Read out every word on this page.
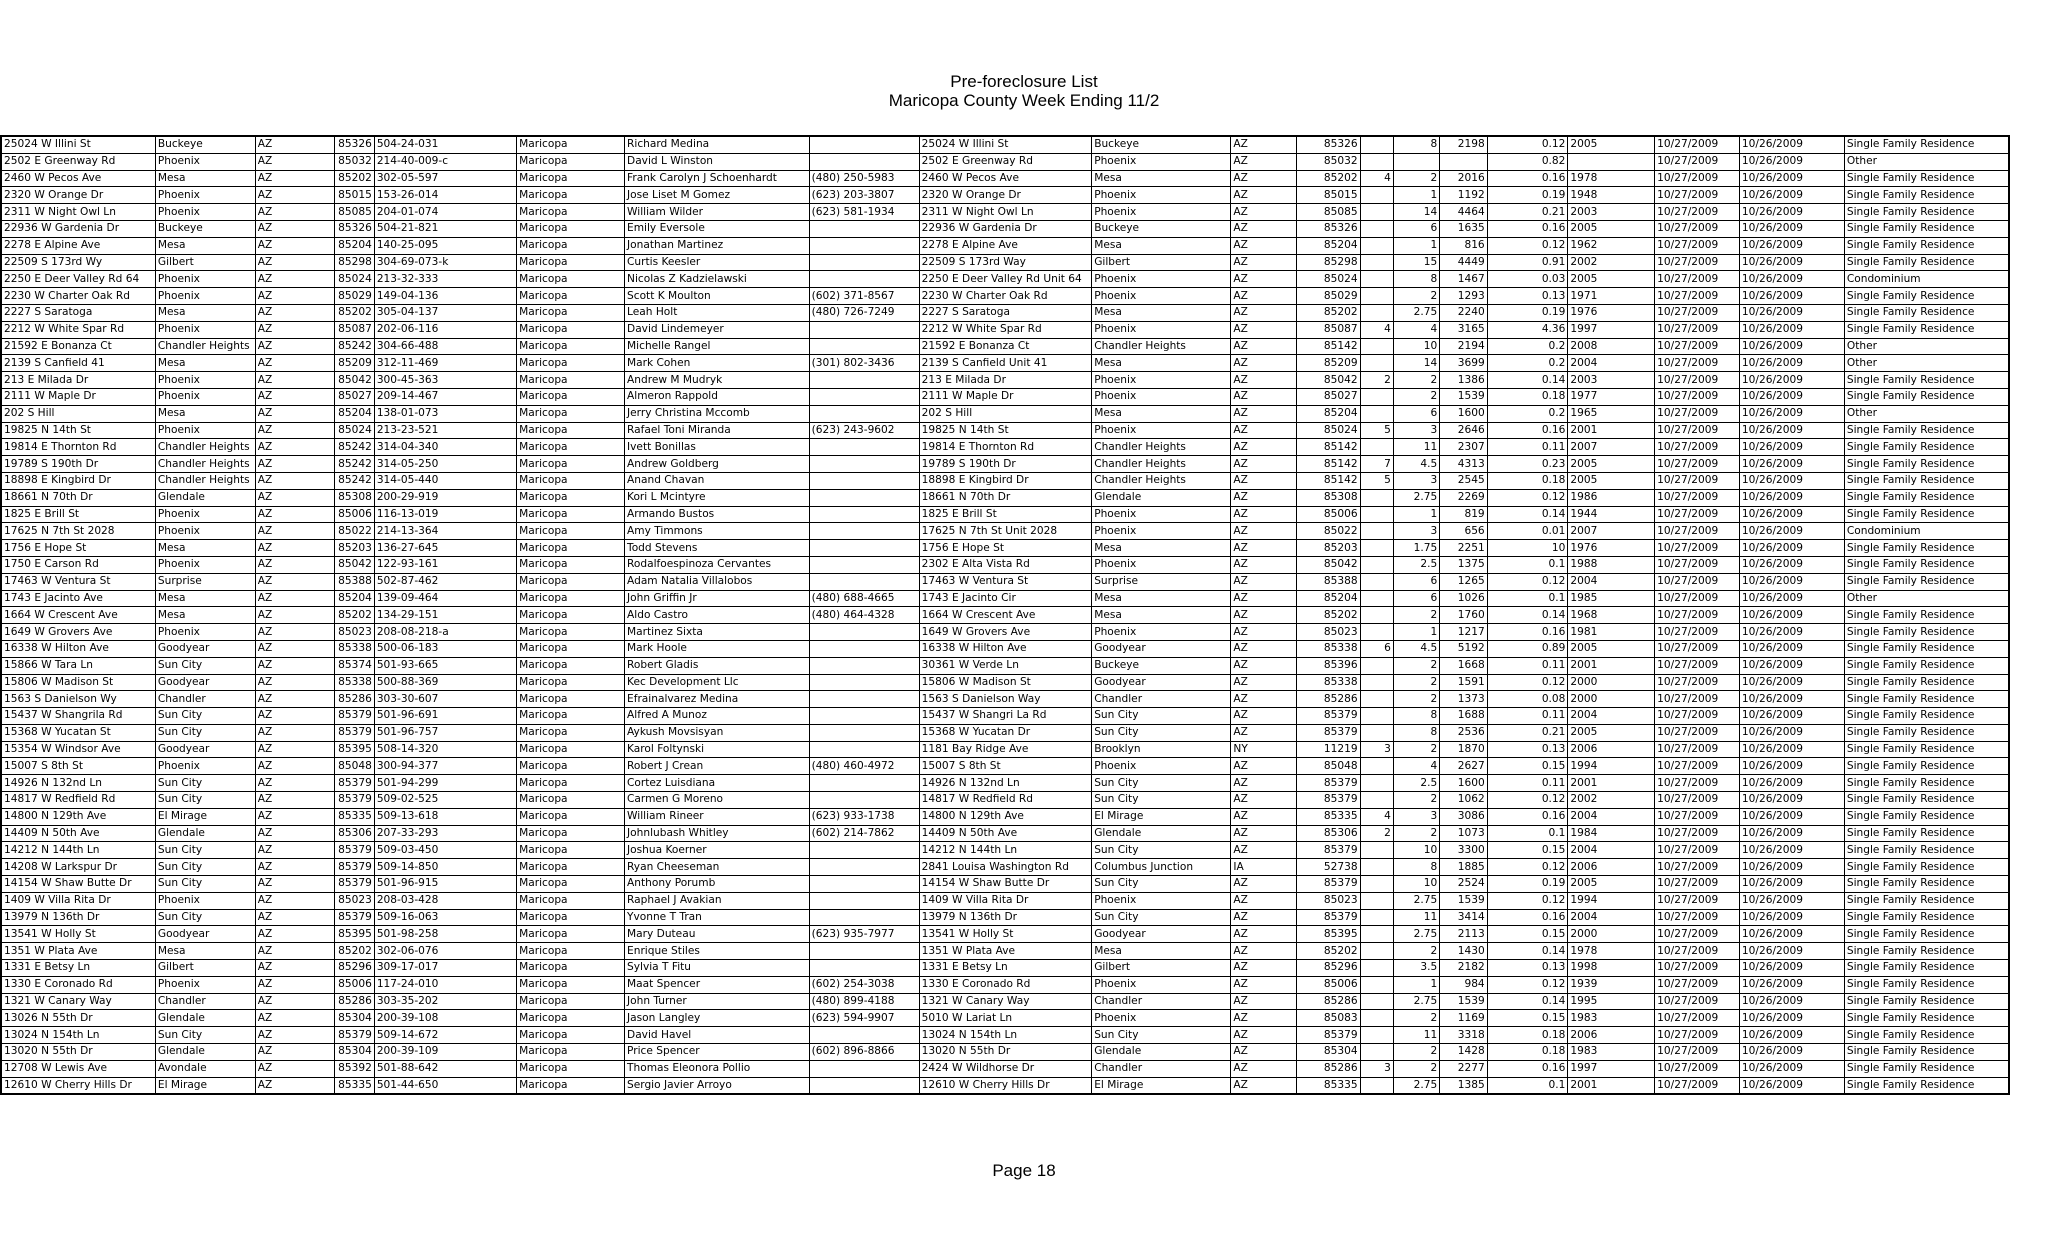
Pre-foreclosure List
Maricopa County Week Ending 11/2
25024 W Illini St	Buckeye	AZ	85326	504-24-031	Maricopa	Richard Medina		25024 W Illini St	Buckeye	AZ	85326		8	2198	0.12	2005	10/27/2009	10/26/2009	Single Family Residence
2502 E Greenway Rd	Phoenix	AZ	85032	214-40-009-c	Maricopa	David L Winston		2502 E Greenway Rd	Phoenix	AZ	85032				0.82		10/27/2009	10/26/2009	Other
2460 W Pecos Ave	Mesa	AZ	85202	302-05-597	Maricopa	Frank Carolyn J Schoenhardt	(480) 250-5983	2460 W Pecos Ave	Mesa	AZ	85202	4	2	2016	0.16	1978	10/27/2009	10/26/2009	Single Family Residence
2320 W Orange Dr	Phoenix	AZ	85015	153-26-014	Maricopa	Jose Liset M Gomez	(623) 203-3807	2320 W Orange Dr	Phoenix	AZ	85015		1	1192	0.19	1948	10/27/2009	10/26/2009	Single Family Residence
2311 W Night Owl Ln	Phoenix	AZ	85085	204-01-074	Maricopa	William Wilder	(623) 581-1934	2311 W Night Owl Ln	Phoenix	AZ	85085		14	4464	0.21	2003	10/27/2009	10/26/2009	Single Family Residence
22936 W Gardenia Dr	Buckeye	AZ	85326	504-21-821	Maricopa	Emily Eversole		22936 W Gardenia Dr	Buckeye	AZ	85326		6	1635	0.16	2005	10/27/2009	10/26/2009	Single Family Residence
2278 E Alpine Ave	Mesa	AZ	85204	140-25-095	Maricopa	Jonathan Martinez		2278 E Alpine Ave	Mesa	AZ	85204		1	816	0.12	1962	10/27/2009	10/26/2009	Single Family Residence
22509 S 173rd Wy	Gilbert	AZ	85298	304-69-073-k	Maricopa	Curtis Keesler		22509 S 173rd Way	Gilbert	AZ	85298		15	4449	0.91	2002	10/27/2009	10/26/2009	Single Family Residence
2250 E Deer Valley Rd 64	Phoenix	AZ	85024	213-32-333	Maricopa	Nicolas Z Kadzielawski		2250 E Deer Valley Rd Unit 64	Phoenix	AZ	85024		8	1467	0.03	2005	10/27/2009	10/26/2009	Condominium
2230 W Charter Oak Rd	Phoenix	AZ	85029	149-04-136	Maricopa	Scott K Moulton	(602) 371-8567	2230 W Charter Oak Rd	Phoenix	AZ	85029		2	1293	0.13	1971	10/27/2009	10/26/2009	Single Family Residence
2227 S Saratoga	Mesa	AZ	85202	305-04-137	Maricopa	Leah Holt	(480) 726-7249	2227 S Saratoga	Mesa	AZ	85202		2.75	2240	0.19	1976	10/27/2009	10/26/2009	Single Family Residence
2212 W White Spar Rd	Phoenix	AZ	85087	202-06-116	Maricopa	David Lindemeyer		2212 W White Spar Rd	Phoenix	AZ	85087	4	4	3165	4.36	1997	10/27/2009	10/26/2009	Single Family Residence
21592 E Bonanza Ct	Chandler Heights	AZ	85242	304-66-488	Maricopa	Michelle Rangel		21592 E Bonanza Ct	Chandler Heights	AZ	85142		10	2194	0.2	2008	10/27/2009	10/26/2009	Other
2139 S Canfield 41	Mesa	AZ	85209	312-11-469	Maricopa	Mark Cohen	(301) 802-3436	2139 S Canfield Unit 41	Mesa	AZ	85209		14	3699	0.2	2004	10/27/2009	10/26/2009	Other
213 E Milada Dr	Phoenix	AZ	85042	300-45-363	Maricopa	Andrew M Mudryk		213 E Milada Dr	Phoenix	AZ	85042	2	2	1386	0.14	2003	10/27/2009	10/26/2009	Single Family Residence
2111 W Maple Dr	Phoenix	AZ	85027	209-14-467	Maricopa	Almeron Rappold		2111 W Maple Dr	Phoenix	AZ	85027		2	1539	0.18	1977	10/27/2009	10/26/2009	Single Family Residence
202 S Hill	Mesa	AZ	85204	138-01-073	Maricopa	Jerry Christina Mccomb		202 S Hill	Mesa	AZ	85204		6	1600	0.2	1965	10/27/2009	10/26/2009	Other
19825 N 14th St	Phoenix	AZ	85024	213-23-521	Maricopa	Rafael Toni Miranda	(623) 243-9602	19825 N 14th St	Phoenix	AZ	85024	5	3	2646	0.16	2001	10/27/2009	10/26/2009	Single Family Residence
19814 E Thornton Rd	Chandler Heights	AZ	85242	314-04-340	Maricopa	Ivett Bonillas		19814 E Thornton Rd	Chandler Heights	AZ	85142		11	2307	0.11	2007	10/27/2009	10/26/2009	Single Family Residence
19789 S 190th Dr	Chandler Heights	AZ	85242	314-05-250	Maricopa	Andrew Goldberg		19789 S 190th Dr	Chandler Heights	AZ	85142	7	4.5	4313	0.23	2005	10/27/2009	10/26/2009	Single Family Residence
18898 E Kingbird Dr	Chandler Heights	AZ	85242	314-05-440	Maricopa	Anand Chavan		18898 E Kingbird Dr	Chandler Heights	AZ	85142	5	3	2545	0.18	2005	10/27/2009	10/26/2009	Single Family Residence
18661 N 70th Dr	Glendale	AZ	85308	200-29-919	Maricopa	Kori L Mcintyre		18661 N 70th Dr	Glendale	AZ	85308		2.75	2269	0.12	1986	10/27/2009	10/26/2009	Single Family Residence
1825 E Brill St	Phoenix	AZ	85006	116-13-019	Maricopa	Armando Bustos		1825 E Brill St	Phoenix	AZ	85006		1	819	0.14	1944	10/27/2009	10/26/2009	Single Family Residence
17625 N 7th St 2028	Phoenix	AZ	85022	214-13-364	Maricopa	Amy Timmons		17625 N 7th St Unit 2028	Phoenix	AZ	85022		3	656	0.01	2007	10/27/2009	10/26/2009	Condominium
1756 E Hope St	Mesa	AZ	85203	136-27-645	Maricopa	Todd Stevens		1756 E Hope St	Mesa	AZ	85203		1.75	2251	10	1976	10/27/2009	10/26/2009	Single Family Residence
1750 E Carson Rd	Phoenix	AZ	85042	122-93-161	Maricopa	Rodalfoespinoza Cervantes		2302 E Alta Vista Rd	Phoenix	AZ	85042		2.5	1375	0.1	1988	10/27/2009	10/26/2009	Single Family Residence
17463 W Ventura St	Surprise	AZ	85388	502-87-462	Maricopa	Adam Natalia Villalobos		17463 W Ventura St	Surprise	AZ	85388		6	1265	0.12	2004	10/27/2009	10/26/2009	Single Family Residence
1743 E Jacinto Ave	Mesa	AZ	85204	139-09-464	Maricopa	John Griffin Jr	(480) 688-4665	1743 E Jacinto Cir	Mesa	AZ	85204		6	1026	0.1	1985	10/27/2009	10/26/2009	Other
1664 W Crescent Ave	Mesa	AZ	85202	134-29-151	Maricopa	Aldo Castro	(480) 464-4328	1664 W Crescent Ave	Mesa	AZ	85202		2	1760	0.14	1968	10/27/2009	10/26/2009	Single Family Residence
1649 W Grovers Ave	Phoenix	AZ	85023	208-08-218-a	Maricopa	Martinez Sixta		1649 W Grovers Ave	Phoenix	AZ	85023		1	1217	0.16	1981	10/27/2009	10/26/2009	Single Family Residence
16338 W Hilton Ave	Goodyear	AZ	85338	500-06-183	Maricopa	Mark Hoole		16338 W Hilton Ave	Goodyear	AZ	85338	6	4.5	5192	0.89	2005	10/27/2009	10/26/2009	Single Family Residence
15866 W Tara Ln	Sun City	AZ	85374	501-93-665	Maricopa	Robert Gladis		30361 W Verde Ln	Buckeye	AZ	85396		2	1668	0.11	2001	10/27/2009	10/26/2009	Single Family Residence
15806 W Madison St	Goodyear	AZ	85338	500-88-369	Maricopa	Kec Development Llc		15806 W Madison St	Goodyear	AZ	85338		2	1591	0.12	2000	10/27/2009	10/26/2009	Single Family Residence
1563 S Danielson Wy	Chandler	AZ	85286	303-30-607	Maricopa	Efrainalvarez Medina		1563 S Danielson Way	Chandler	AZ	85286		2	1373	0.08	2000	10/27/2009	10/26/2009	Single Family Residence
15437 W Shangrila Rd	Sun City	AZ	85379	501-96-691	Maricopa	Alfred A Munoz		15437 W Shangri La Rd	Sun City	AZ	85379		8	1688	0.11	2004	10/27/2009	10/26/2009	Single Family Residence
15368 W Yucatan St	Sun City	AZ	85379	501-96-757	Maricopa	Aykush Movsisyan		15368 W Yucatan Dr	Sun City	AZ	85379		8	2536	0.21	2005	10/27/2009	10/26/2009	Single Family Residence
15354 W Windsor Ave	Goodyear	AZ	85395	508-14-320	Maricopa	Karol Foltynski		1181 Bay Ridge Ave	Brooklyn	NY	11219	3	2	1870	0.13	2006	10/27/2009	10/26/2009	Single Family Residence
15007 S 8th St	Phoenix	AZ	85048	300-94-377	Maricopa	Robert J Crean	(480) 460-4972	15007 S 8th St	Phoenix	AZ	85048		4	2627	0.15	1994	10/27/2009	10/26/2009	Single Family Residence
14926 N 132nd Ln	Sun City	AZ	85379	501-94-299	Maricopa	Cortez Luisdiana		14926 N 132nd Ln	Sun City	AZ	85379		2.5	1600	0.11	2001	10/27/2009	10/26/2009	Single Family Residence
14817 W Redfield Rd	Sun City	AZ	85379	509-02-525	Maricopa	Carmen G Moreno		14817 W Redfield Rd	Sun City	AZ	85379		2	1062	0.12	2002	10/27/2009	10/26/2009	Single Family Residence
14800 N 129th Ave	El Mirage	AZ	85335	509-13-618	Maricopa	William Rineer	(623) 933-1738	14800 N 129th Ave	El Mirage	AZ	85335	4	3	3086	0.16	2004	10/27/2009	10/26/2009	Single Family Residence
14409 N 50th Ave	Glendale	AZ	85306	207-33-293	Maricopa	Johnlubash Whitley	(602) 214-7862	14409 N 50th Ave	Glendale	AZ	85306	2	2	1073	0.1	1984	10/27/2009	10/26/2009	Single Family Residence
14212 N 144th Ln	Sun City	AZ	85379	509-03-450	Maricopa	Joshua Koerner		14212 N 144th Ln	Sun City	AZ	85379		10	3300	0.15	2004	10/27/2009	10/26/2009	Single Family Residence
14208 W Larkspur Dr	Sun City	AZ	85379	509-14-850	Maricopa	Ryan Cheeseman		2841 Louisa Washington Rd	Columbus Junction	IA	52738		8	1885	0.12	2006	10/27/2009	10/26/2009	Single Family Residence
14154 W Shaw Butte Dr	Sun City	AZ	85379	501-96-915	Maricopa	Anthony Porumb		14154 W Shaw Butte Dr	Sun City	AZ	85379		10	2524	0.19	2005	10/27/2009	10/26/2009	Single Family Residence
1409 W Villa Rita Dr	Phoenix	AZ	85023	208-03-428	Maricopa	Raphael J Avakian		1409 W Villa Rita Dr	Phoenix	AZ	85023		2.75	1539	0.12	1994	10/27/2009	10/26/2009	Single Family Residence
13979 N 136th Dr	Sun City	AZ	85379	509-16-063	Maricopa	Yvonne T Tran		13979 N 136th Dr	Sun City	AZ	85379		11	3414	0.16	2004	10/27/2009	10/26/2009	Single Family Residence
13541 W Holly St	Goodyear	AZ	85395	501-98-258	Maricopa	Mary Duteau	(623) 935-7977	13541 W Holly St	Goodyear	AZ	85395		2.75	2113	0.15	2000	10/27/2009	10/26/2009	Single Family Residence
1351 W Plata Ave	Mesa	AZ	85202	302-06-076	Maricopa	Enrique Stiles		1351 W Plata Ave	Mesa	AZ	85202		2	1430	0.14	1978	10/27/2009	10/26/2009	Single Family Residence
1331 E Betsy Ln	Gilbert	AZ	85296	309-17-017	Maricopa	Sylvia T Fitu		1331 E Betsy Ln	Gilbert	AZ	85296		3.5	2182	0.13	1998	10/27/2009	10/26/2009	Single Family Residence
1330 E Coronado Rd	Phoenix	AZ	85006	117-24-010	Maricopa	Maat Spencer	(602) 254-3038	1330 E Coronado Rd	Phoenix	AZ	85006		1	984	0.12	1939	10/27/2009	10/26/2009	Single Family Residence
1321 W Canary Way	Chandler	AZ	85286	303-35-202	Maricopa	John Turner	(480) 899-4188	1321 W Canary Way	Chandler	AZ	85286		2.75	1539	0.14	1995	10/27/2009	10/26/2009	Single Family Residence
13026 N 55th Dr	Glendale	AZ	85304	200-39-108	Maricopa	Jason Langley	(623) 594-9907	5010 W Lariat Ln	Phoenix	AZ	85083		2	1169	0.15	1983	10/27/2009	10/26/2009	Single Family Residence
13024 N 154th Ln	Sun City	AZ	85379	509-14-672	Maricopa	David Havel		13024 N 154th Ln	Sun City	AZ	85379		11	3318	0.18	2006	10/27/2009	10/26/2009	Single Family Residence
13020 N 55th Dr	Glendale	AZ	85304	200-39-109	Maricopa	Price Spencer	(602) 896-8866	13020 N 55th Dr	Glendale	AZ	85304		2	1428	0.18	1983	10/27/2009	10/26/2009	Single Family Residence
12708 W Lewis Ave	Avondale	AZ	85392	501-88-642	Maricopa	Thomas Eleonora Pollio		2424 W Wildhorse Dr	Chandler	AZ	85286	3	2	2277	0.16	1997	10/27/2009	10/26/2009	Single Family Residence
12610 W Cherry Hills Dr	El Mirage	AZ	85335	501-44-650	Maricopa	Sergio Javier Arroyo		12610 W Cherry Hills Dr	El Mirage	AZ	85335		2.75	1385	0.1	2001	10/27/2009	10/26/2009	Single Family Residence
Page 18
